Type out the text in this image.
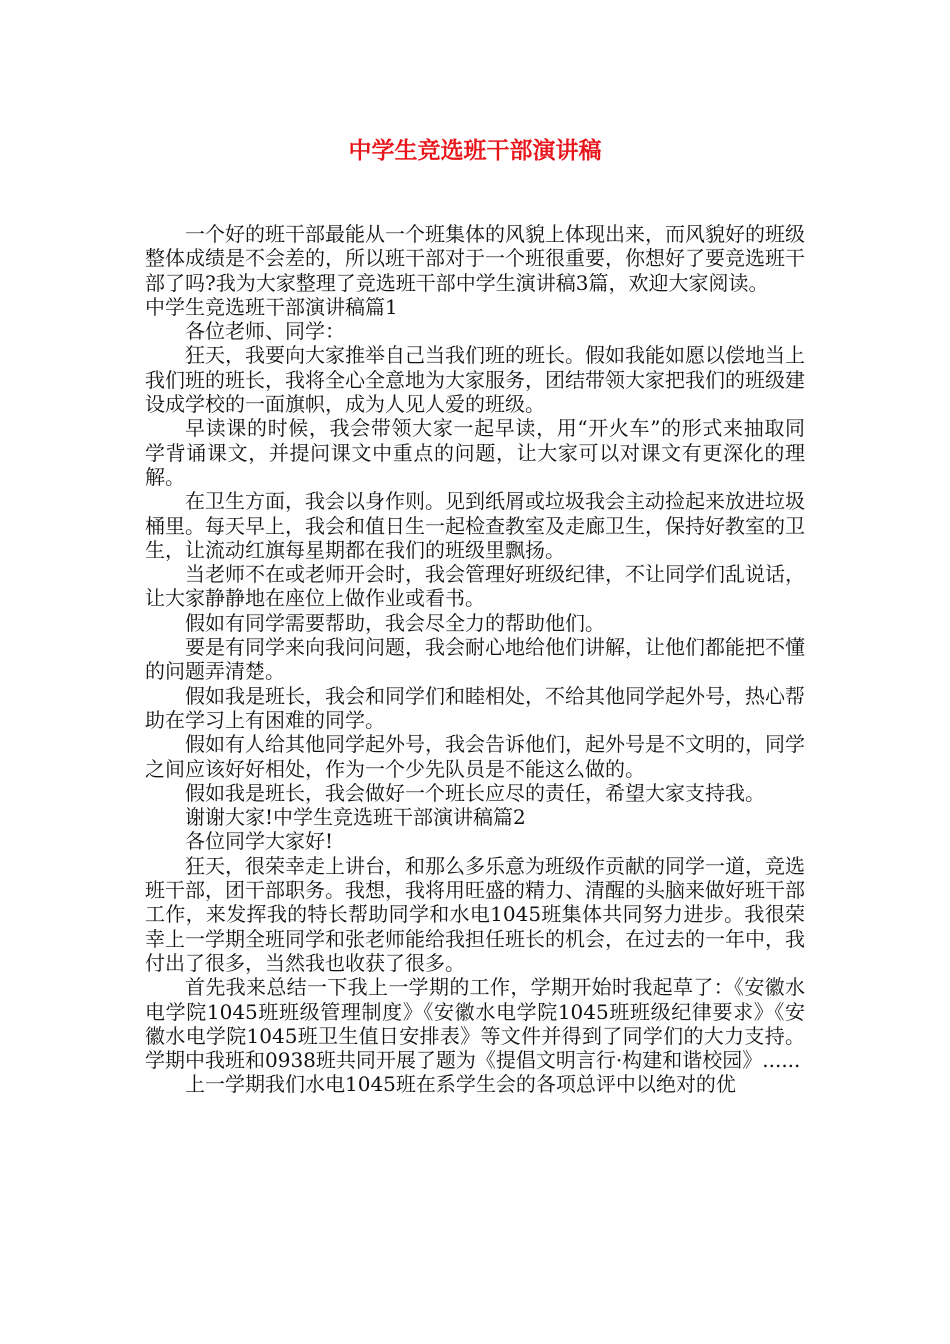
中学生竞选班干部演讲稿

一个好的班干部最能从一个班集体的风貌上体现出来，而风貌好的班级整体成绩是不会差的，所以班干部对于一个班很重要，你想好了要竞选班干部了吗?我为大家整理了竞选班干部中学生演讲稿3篇，欢迎大家阅读。

中学生竞选班干部演讲稿篇1

各位老师、同学：

狂天，我要向大家推举自己当我们班的班长。假如我能如愿以偿地当上我们班的班长，我将全心全意地为大家服务，团结带领大家把我们的班级建设成学校的一面旗帜，成为人见人爱的班级。

早读课的时候，我会带领大家一起早读，用“开火车”的形式来抽取同学背诵课文，并提问课文中重点的问题，让大家可以对课文有更深化的理解。

在卫生方面，我会以身作则。见到纸屑或垃圾我会主动捡起来放进垃圾桶里。每天早上，我会和值日生一起检查教室及走廊卫生，保持好教室的卫生，让流动红旗每星期都在我们的班级里飘扬。

当老师不在或老师开会时，我会管理好班级纪律，不让同学们乱说话，让大家静静地在座位上做作业或看书。

假如有同学需要帮助，我会尽全力的帮助他们。

要是有同学来向我问问题，我会耐心地给他们讲解，让他们都能把不懂的问题弄清楚。

假如我是班长，我会和同学们和睦相处，不给其他同学起外号，热心帮助在学习上有困难的同学。

假如有人给其他同学起外号，我会告诉他们，起外号是不文明的，同学之间应该好好相处，作为一个少先队员是不能这么做的。

假如我是班长，我会做好一个班长应尽的责任，希望大家支持我。

谢谢大家!中学生竞选班干部演讲稿篇2

各位同学大家好!

狂天，很荣幸走上讲台，和那么多乐意为班级作贡献的同学一道，竞选班干部，团干部职务。我想，我将用旺盛的精力、清醒的头脑来做好班干部工作，来发挥我的特长帮助同学和水电1045班集体共同努力进步。我很荣幸上一学期全班同学和张老师能给我担任班长的机会，在过去的一年中，我付出了很多，当然我也收获了很多。

首先我来总结一下我上一学期的工作，学期开始时我起草了：《安徽水电学院1045班班级管理制度》《安徽水电学院1045班班级纪律要求》《安徽水电学院1045班卫生值日安排表》等文件并得到了同学们的大力支持。学期中我班和0938班共同开展了题为《提倡文明言行·构建和谐校园》......

上一学期我们水电1045班在系学生会的各项总评中以绝对的优
